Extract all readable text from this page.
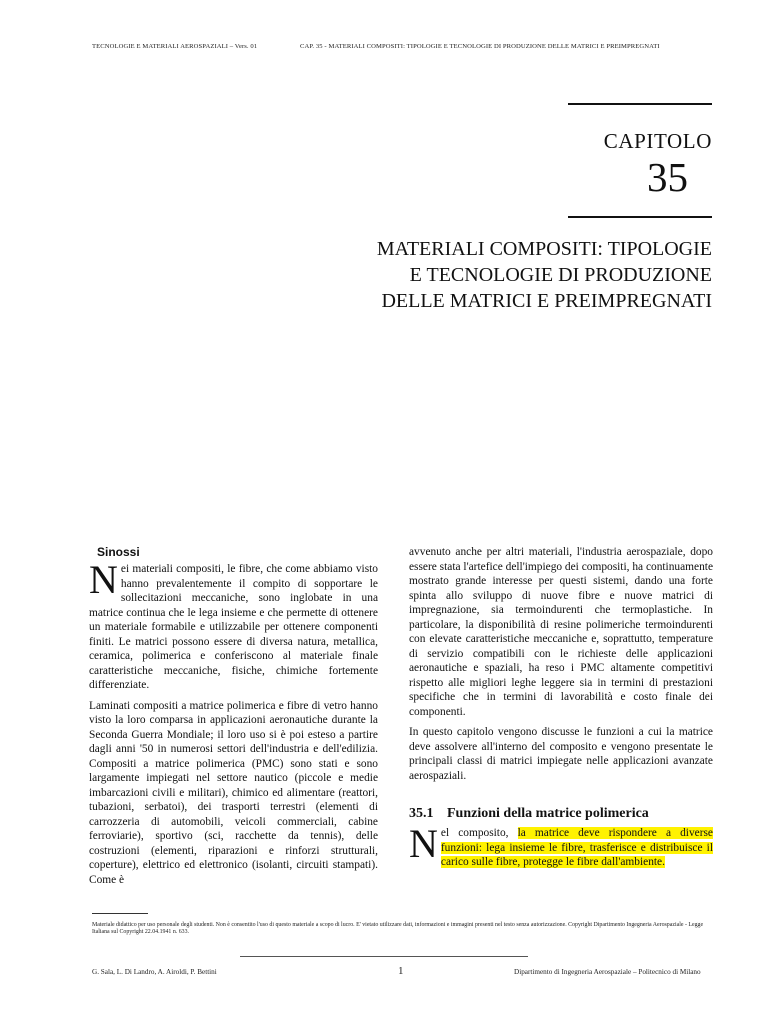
TECNOLOGIE E MATERIALI AEROSPAZIALI – Vers. 01	CAP. 35 - MATERIALI COMPOSITI: TIPOLOGIE E TECNOLOGIE DI PRODUZIONE DELLE MATRICI E PREIMPREGNATI
CAPITOLO
35
MATERIALI COMPOSITI: TIPOLOGIE
E TECNOLOGIE DI PRODUZIONE
DELLE MATRICI E PREIMPREGNATI
Sinossi

Nei materiali compositi, le fibre, che come abbiamo visto hanno prevalentemente il compito di sopportare le sollecitazioni meccaniche, sono inglobate in una matrice continua che le lega insieme e che permette di ottenere un materiale formabile e utilizzabile per ottenere componenti finiti. Le matrici possono essere di diversa natura, metallica, ceramica, polimerica e conferiscono al materiale finale caratteristiche meccaniche, fisiche, chimiche fortemente differenziate.

Laminati compositi a matrice polimerica e fibre di vetro hanno visto la loro comparsa in applicazioni aeronautiche durante la Seconda Guerra Mondiale; il loro uso si è poi esteso a partire dagli anni '50 in numerosi settori dell'industria e dell'edilizia. Compositi a matrice polimerica (PMC) sono stati e sono largamente impiegati nel settore nautico (piccole e medie imbarcazioni civili e militari), chimico ed alimentare (reattori, tubazioni, serbatoi), dei trasporti terrestri (elementi di carrozzeria di automobili, veicoli commerciali, cabine ferroviarie), sportivo (sci, racchette da tennis), delle costruzioni (elementi, riparazioni e rinforzi strutturali, coperture), elettrico ed elettronico (isolanti, circuiti stampati). Come è

avvenuto anche per altri materiali, l'industria aerospaziale, dopo essere stata l'artefice dell'impiego dei compositi, ha continuamente mostrato grande interesse per questi sistemi, dando una forte spinta allo sviluppo di nuove fibre e nuove matrici di impregnazione, sia termoindurenti che termoplastiche. In particolare, la disponibilità di resine polimeriche termoindurenti con elevate caratteristiche meccaniche e, soprattutto, temperature di servizio compatibili con le richieste delle applicazioni aeronautiche e spaziali, ha reso i PMC altamente competitivi rispetto alle migliori leghe leggere sia in termini di prestazioni specifiche che in termini di lavorabilità e costo finale dei componenti.

In questo capitolo vengono discusse le funzioni a cui la matrice deve assolvere all'interno del composito e vengono presentate le principali classi di matrici impiegate nelle applicazioni avanzate aerospaziali.

35.1 Funzioni della matrice polimerica

Nel composito, la matrice deve rispondere a diverse funzioni: lega insieme le fibre, trasferisce e distribuisce il carico sulle fibre, protegge le fibre dall'ambiente.

Materiale didattico per uso personale degli studenti. Non è consentito l'uso di questo materiale a scopo di lucro. E' vietato utilizzare dati, informazioni e immagini presenti nel testo senza autorizzazione. Copyright Dipartimento Ingegneria Aerospaziale - Legge Italiana sul Copyright 22.04.1941 n. 633.
G. Sala, L. Di Landro, A. Airoldi, P. Bettini	1	Dipartimento di Ingegneria Aerospaziale – Politecnico di Milano
